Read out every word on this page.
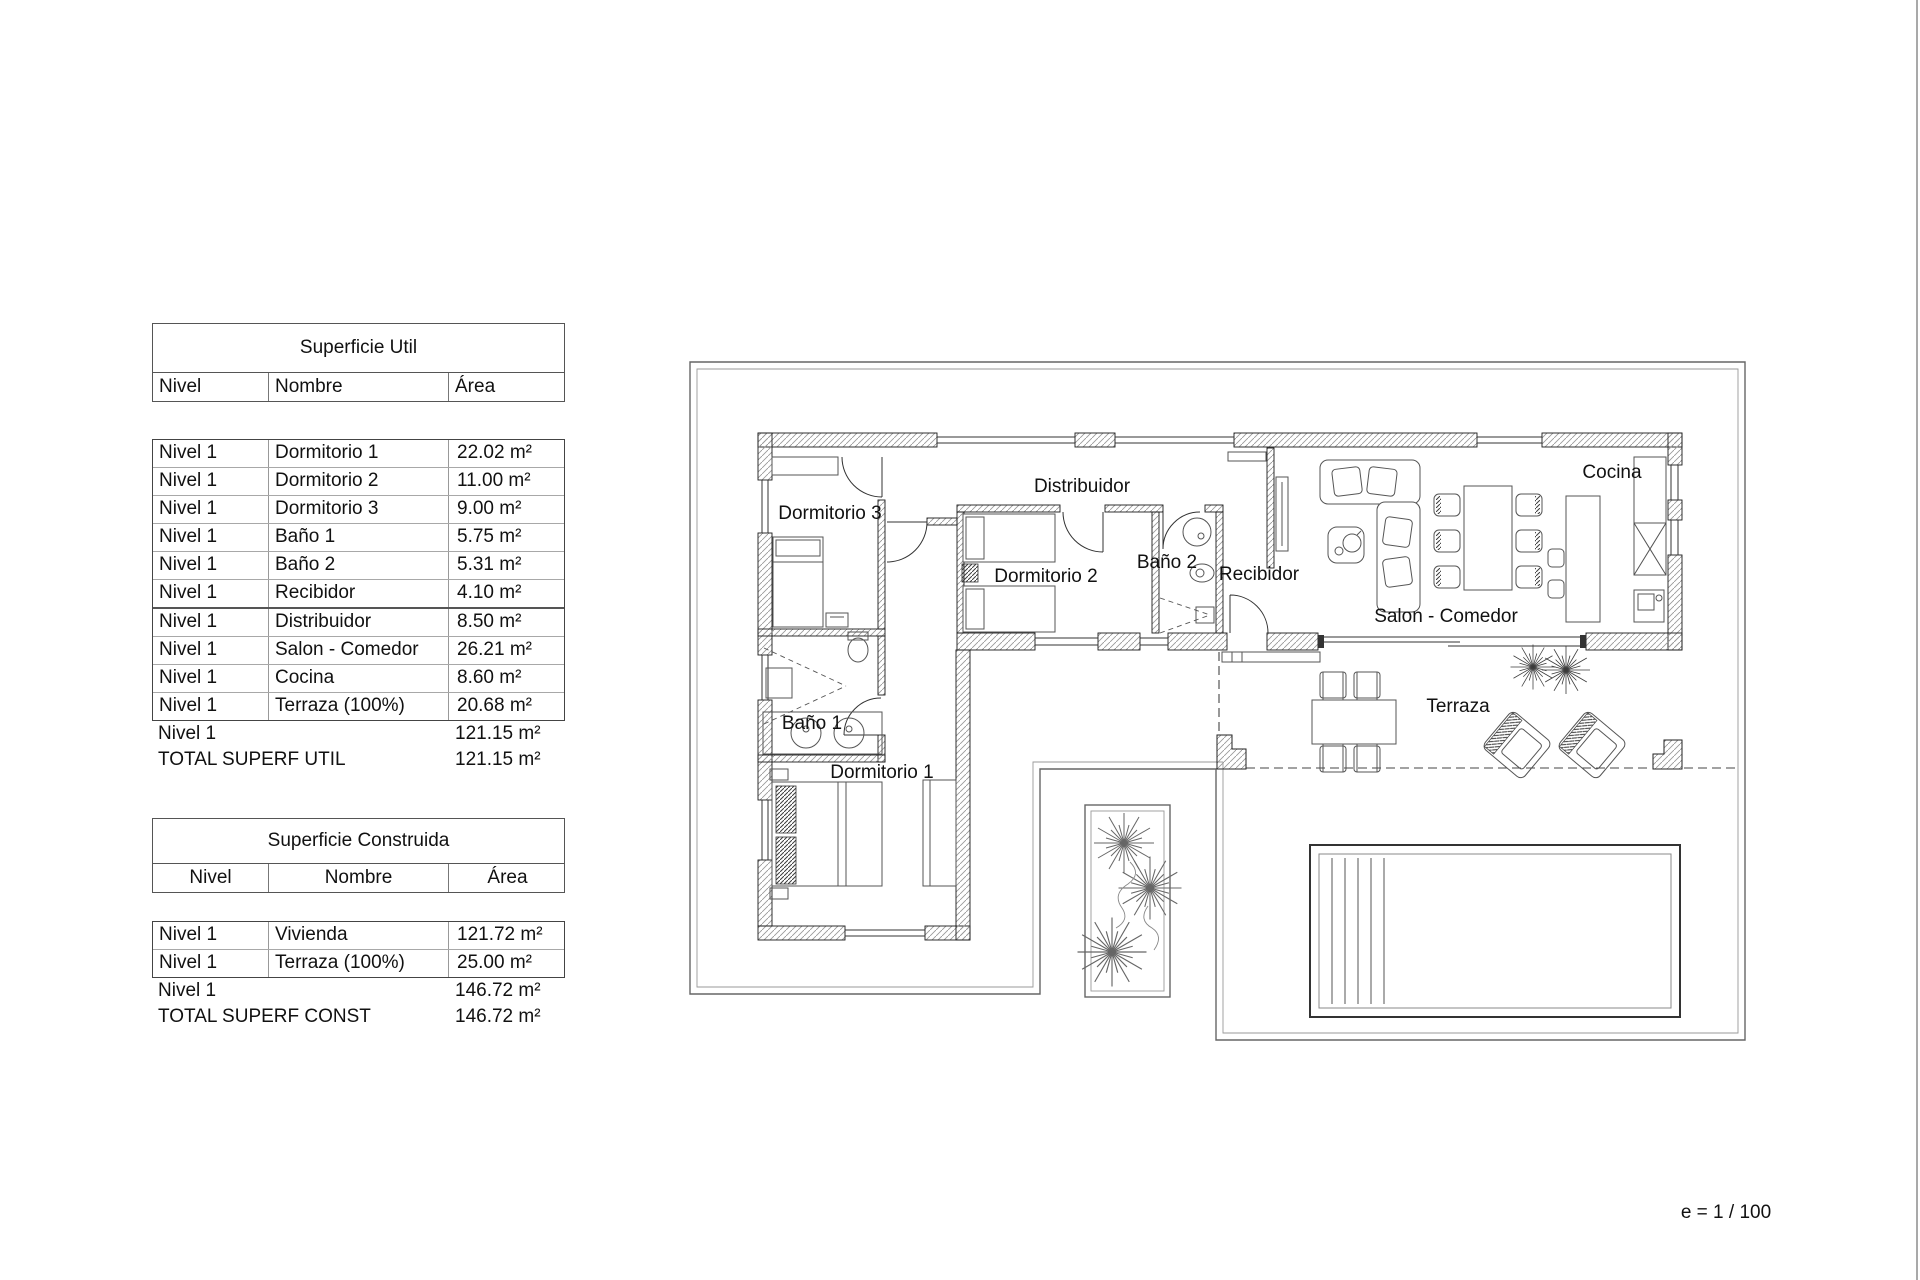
Superficie Util
Nivel	Nombre	Área
Nivel 1	Dormitorio 1	22.02 m²
Nivel 1	Dormitorio 2	11.00 m²
Nivel 1	Dormitorio 3	9.00 m²
Nivel 1	Baño 1	5.75 m²
Nivel 1	Baño 2	5.31 m²
Nivel 1	Recibidor	4.10 m²
Nivel 1	Distribuidor	8.50 m²
Nivel 1	Salon - Comedor	26.21 m²
Nivel 1	Cocina	8.60 m²
Nivel 1	Terraza (100%)	20.68 m²
Nivel 1	121.15 m²
TOTAL SUPERF UTIL	121.15 m²
Superficie Construida
Nivel	Nombre	Área
Nivel 1	Vivienda	121.72 m²
Nivel 1	Terraza (100%)	25.00 m²
Nivel 1	146.72 m²
TOTAL SUPERF CONST	146.72 m²
Dormitorio 3
Distribuidor
Dormitorio 2
Baño 2
Recibidor
Salon - Comedor
Cocina
Baño 1
Dormitorio 1
Terraza
e = 1 / 100
